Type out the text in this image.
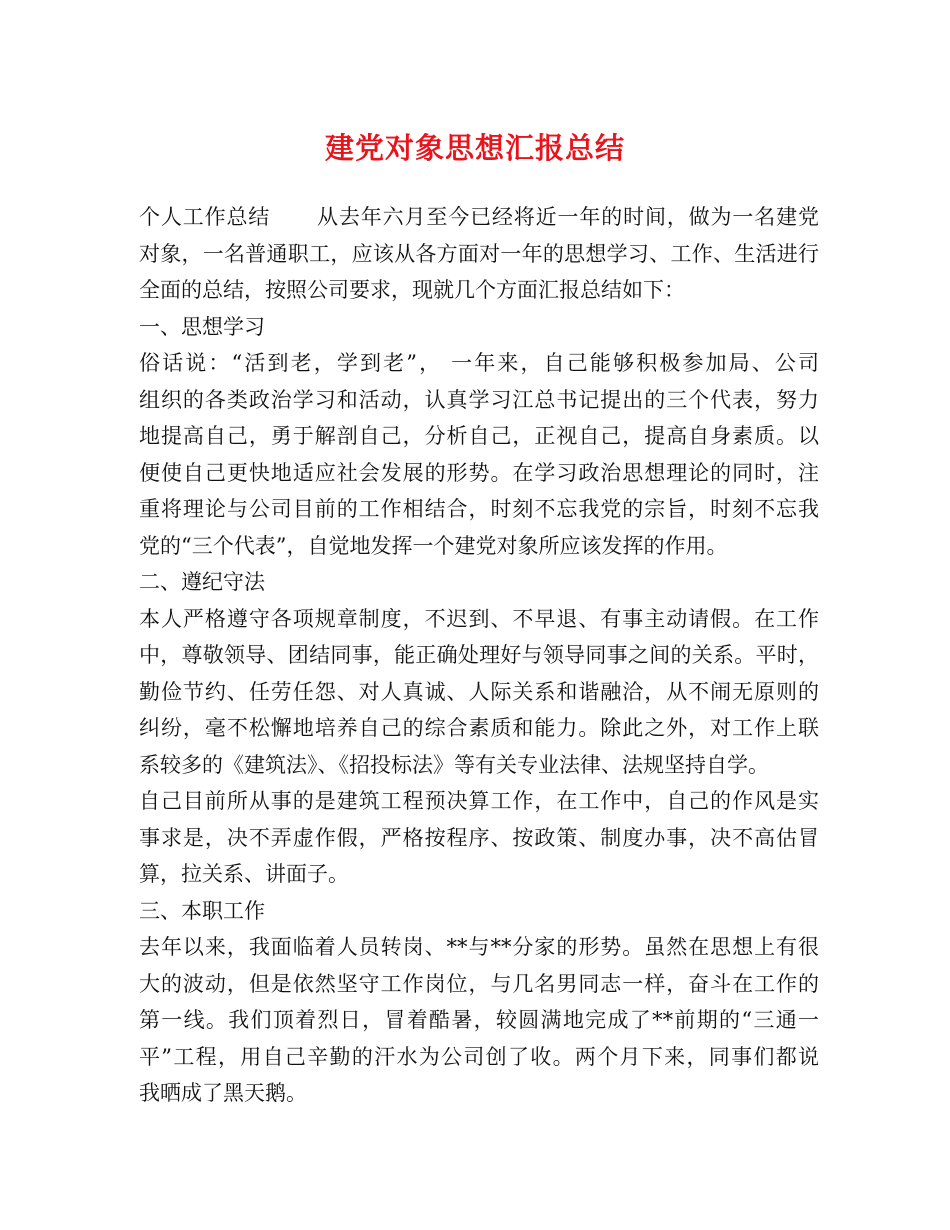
建党对象思想汇报总结
个人工作总结 从去年六月至今已经将近一年的时间，做为一名建党
对象，一名普通职工，应该从各方面对一年的思想学习、工作、生活进行
全面的总结，按照公司要求，现就几个方面汇报总结如下：
一、思想学习
俗话说：“活到老，学到老”， 一年来，自己能够积极参加局、公司
组织的各类政治学习和活动，认真学习江总书记提出的三个代表，努力
地提高自己，勇于解剖自己，分析自己，正视自己，提高自身素质。以
便使自己更快地适应社会发展的形势。在学习政治思想理论的同时，注
重将理论与公司目前的工作相结合，时刻不忘我党的宗旨，时刻不忘我
党的“三个代表”，自觉地发挥一个建党对象所应该发挥的作用。
二、遵纪守法
本人严格遵守各项规章制度，不迟到、不早退、有事主动请假。在工作
中，尊敬领导、团结同事，能正确处理好与领导同事之间的关系。平时，
勤俭节约、任劳任怨、对人真诚、人际关系和谐融洽，从不闹无原则的
纠纷，毫不松懈地培养自己的综合素质和能力。除此之外，对工作上联
系较多的《建筑法》、《招投标法》等有关专业法律、法规坚持自学。
自己目前所从事的是建筑工程预决算工作，在工作中，自己的作风是实
事求是，决不弄虚作假，严格按程序、按政策、制度办事，决不高估冒
算，拉关系、讲面子。
三、本职工作
去年以来，我面临着人员转岗、**与**分家的形势。虽然在思想上有很
大的波动，但是依然坚守工作岗位，与几名男同志一样，奋斗在工作的
第一线。我们顶着烈日，冒着酷暑，较圆满地完成了**前期的“三通一
平”工程，用自己辛勤的汗水为公司创了收。两个月下来，同事们都说
我晒成了黑天鹅。
